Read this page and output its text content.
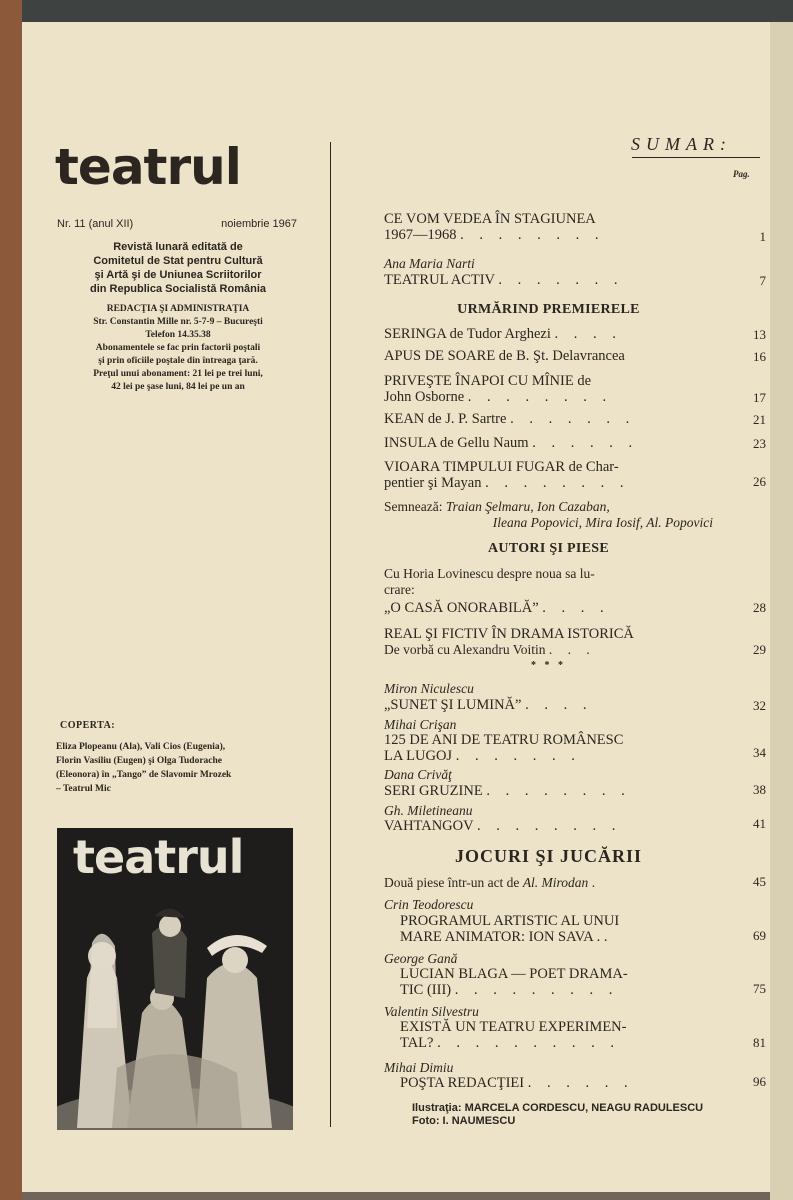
teatrul
Nr. 11 (anul XII)	noiembrie 1967
Revistă lunară editată de
Comitetul de Stat pentru Cultură
şi Artă şi de Uniunea Scriitorilor
din Republica Socialistă România
REDACŢIA ŞI ADMINISTRAŢIA
Str. Constantin Mille nr. 5-7-9 – Bucureşti
Telefon 14.35.38
Abonamentele se fac prin factorii poştali
şi prin oficiile poştale din întreaga ţară.
Preţul unui abonament: 21 lei pe trei luni,
42 lei pe şase luni, 84 lei pe un an
COPERTA:
Eliza Plopeanu (Ala), Vali Cios (Eugenia),
Florin Vasiliu (Eugen) şi Olga Tudorache
(Eleonora) în „Tango” de Slavomir Mrozek
– Teatrul Mic
teatrul
SUMAR:
Pag.
CE VOM VEDEA ÎN STAGIUNEA
1967—1968 . . . . . . . .	1
Ana Maria Narti
TEATRUL ACTIV . . . . . . .	7
URMĂRIND PREMIERELE
SERINGA de Tudor Arghezi . . . .	13
APUS DE SOARE de B. Şt. Delavrancea	16
PRIVEŞTE ÎNAPOI CU MÎNIE de
John Osborne . . . . . . . .	17
KEAN de J. P. Sartre . . . . . . .	21
INSULA de Gellu Naum . . . . . .	23
VIOARA TIMPULUI FUGAR de Char-
pentier şi Mayan . . . . . . . .	26
Semnează: Traian Şelmaru, Ion Cazaban,
Ileana Popovici, Mira Iosif, Al. Popovici
AUTORI ŞI PIESE
Cu Horia Lovinescu despre noua sa lu-
crare:
„O CASĂ ONORABILĂ” . . . .	28
REAL ŞI FICTIV ÎN DRAMA ISTORICĂ
De vorbă cu Alexandru Voitin . . .	29
* * *
Miron Niculescu
„SUNET ŞI LUMINĂ” . . . .	32
Mihai Crişan
125 DE ANI DE TEATRU ROMÂNESC
LA LUGOJ . . . . . . .	34
Dana Crivăţ
SERI GRUZINE . . . . . . . .	38
Gh. Miletineanu
VAHTANGOV . . . . . . . .	41
JOCURI ŞI JUCĂRII
Două piese într-un act de Al. Mirodan .	45
Crin Teodorescu
PROGRAMUL ARTISTIC AL UNUI
MARE ANIMATOR: ION SAVA . .	69
George Gană
LUCIAN BLAGA — POET DRAMA-
TIC (III) . . . . . . . . .	75
Valentin Silvestru
EXISTĂ UN TEATRU EXPERIMEN-
TAL? . . . . . . . . . .	81
Mihai Dimiu
POŞTA REDACŢIEI . . . . . .	96
Ilustraţia: MARCELA CORDESCU, NEAGU RADULESCU
Foto: I. NAUMESCU
